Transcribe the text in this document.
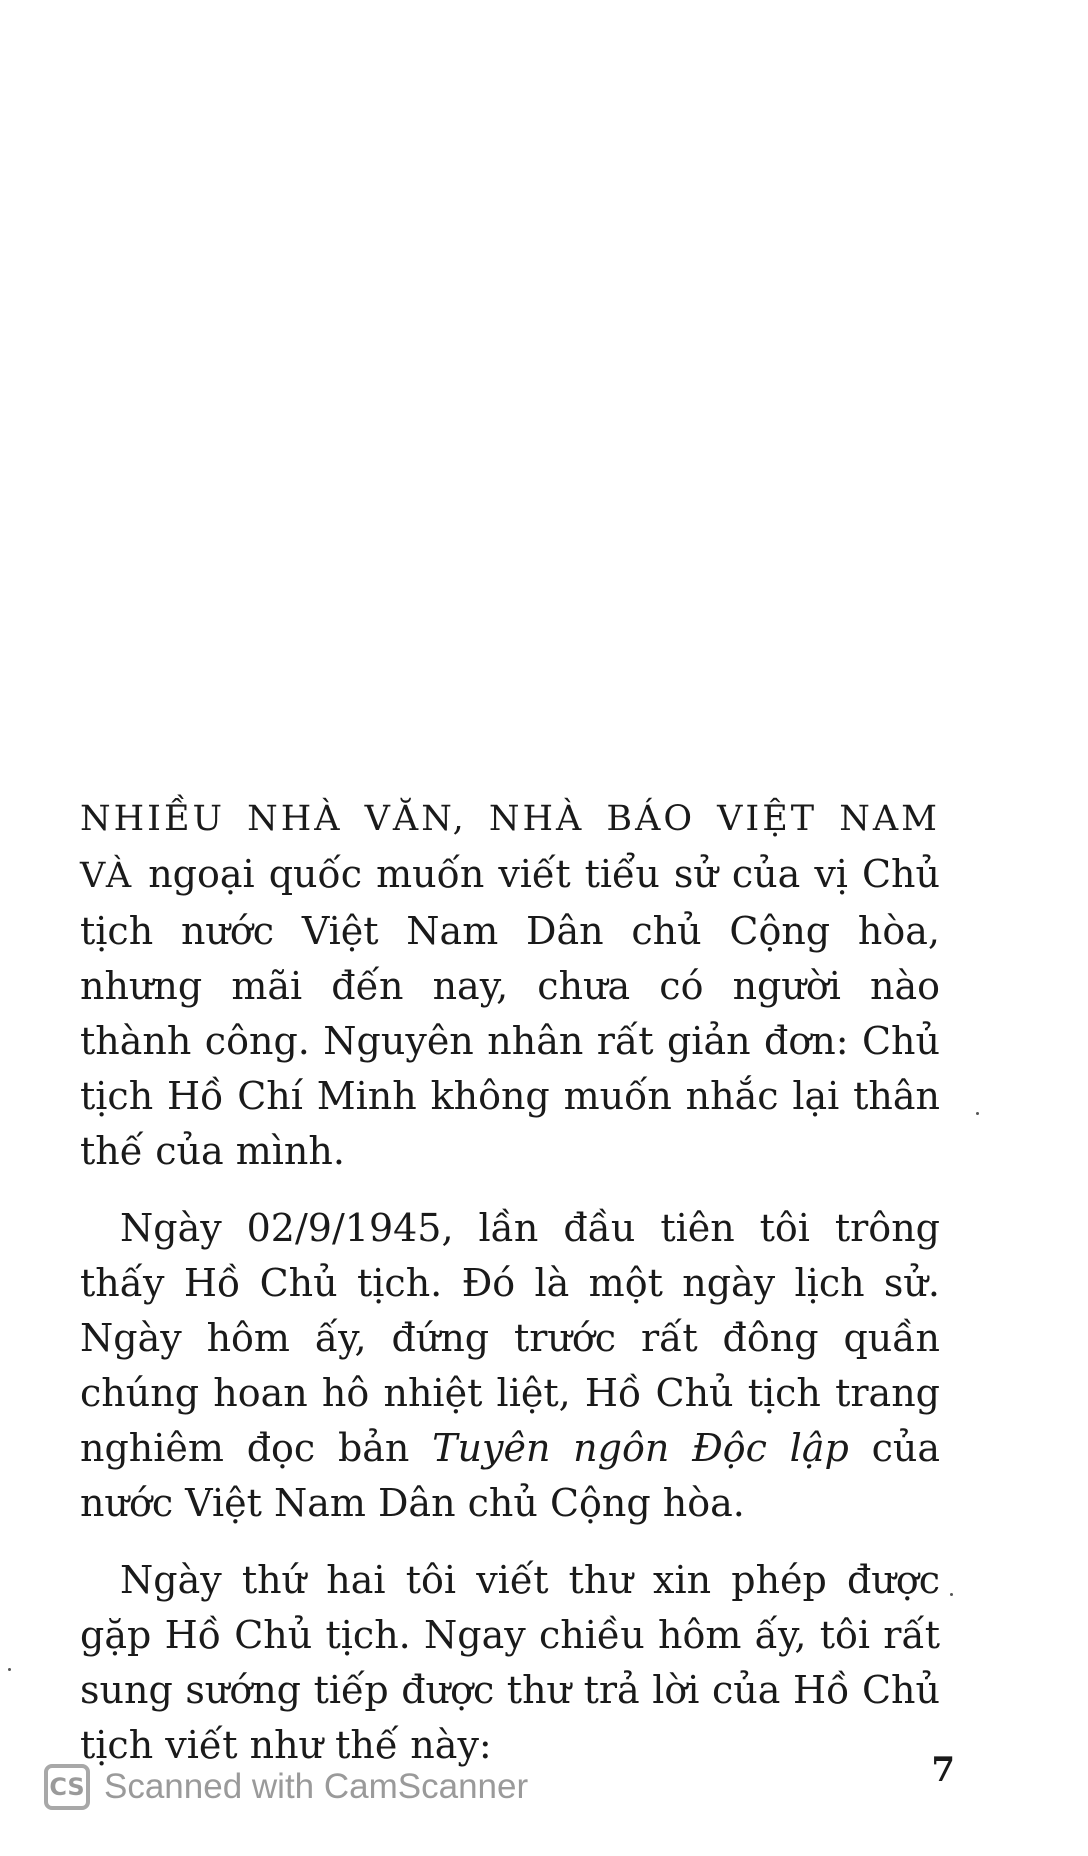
NHIỀU NHÀ VĂN, NHÀ BÁO VIỆT NAM VÀ ngoại quốc muốn viết tiểu sử của vị Chủ tịch nước Việt Nam Dân chủ Cộng hòa, nhưng mãi đến nay, chưa có người nào thành công. Nguyên nhân rất giản đơn: Chủ tịch Hồ Chí Minh không muốn nhắc lại thân thế của mình.

Ngày 02/9/1945, lần đầu tiên tôi trông thấy Hồ Chủ tịch. Đó là một ngày lịch sử. Ngày hôm ấy, đứng trước rất đông quần chúng hoan hô nhiệt liệt, Hồ Chủ tịch trang nghiêm đọc bản Tuyên ngôn Độc lập của nước Việt Nam Dân chủ Cộng hòa.

Ngày thứ hai tôi viết thư xin phép được gặp Hồ Chủ tịch. Ngay chiều hôm ấy, tôi rất sung sướng tiếp được thư trả lời của Hồ Chủ tịch viết như thế này:

7
CS Scanned with CamScanner
